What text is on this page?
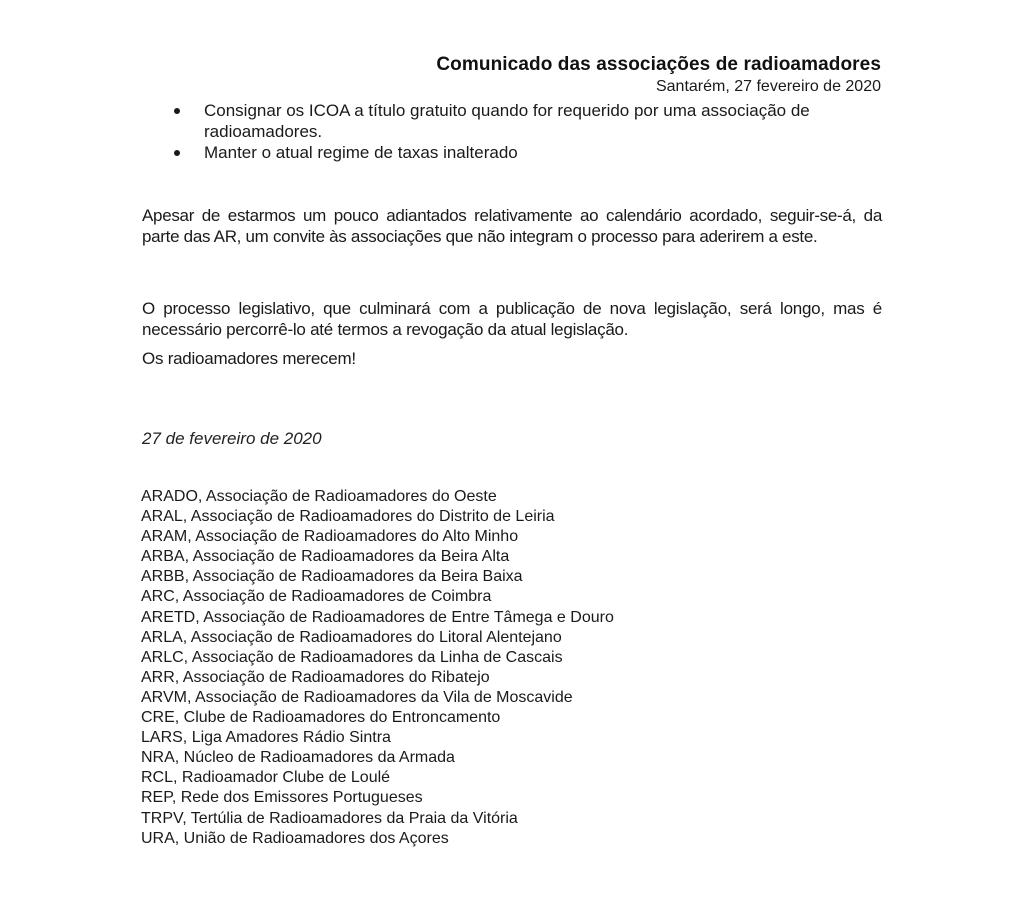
Comunicado das associações de radioamadores
Santarém, 27 fevereiro de 2020
Consignar os ICOA a título gratuito quando for requerido por uma associação de radioamadores.
Manter o atual regime de taxas inalterado

Apesar de estarmos um pouco adiantados relativamente ao calendário acordado, seguir-se-á, da parte das AR, um convite às associações que não integram o processo para aderirem a este.

O processo legislativo, que culminará com a publicação de nova legislação, será longo, mas é necessário percorrê-lo até termos a revogação da atual legislação.

Os radioamadores merecem!

27 de fevereiro de 2020
ARADO, Associação de Radioamadores do Oeste
ARAL, Associação de Radioamadores do Distrito de Leiria
ARAM, Associação de Radioamadores do Alto Minho
ARBA, Associação de Radioamadores da Beira Alta
ARBB, Associação de Radioamadores da Beira Baixa
ARC, Associação de Radioamadores de Coimbra
ARETD, Associação de Radioamadores de Entre Tâmega e Douro
ARLA, Associação de Radioamadores do Litoral Alentejano
ARLC, Associação de Radioamadores da Linha de Cascais
ARR, Associação de Radioamadores do Ribatejo
ARVM, Associação de Radioamadores da Vila de Moscavide
CRE, Clube de Radioamadores do Entroncamento
LARS, Liga Amadores Rádio Sintra
NRA, Núcleo de Radioamadores da Armada
RCL, Radioamador Clube de Loulé
REP, Rede dos Emissores Portugueses
TRPV, Tertúlia de Radioamadores da Praia da Vitória
URA, União de Radioamadores dos Açores
